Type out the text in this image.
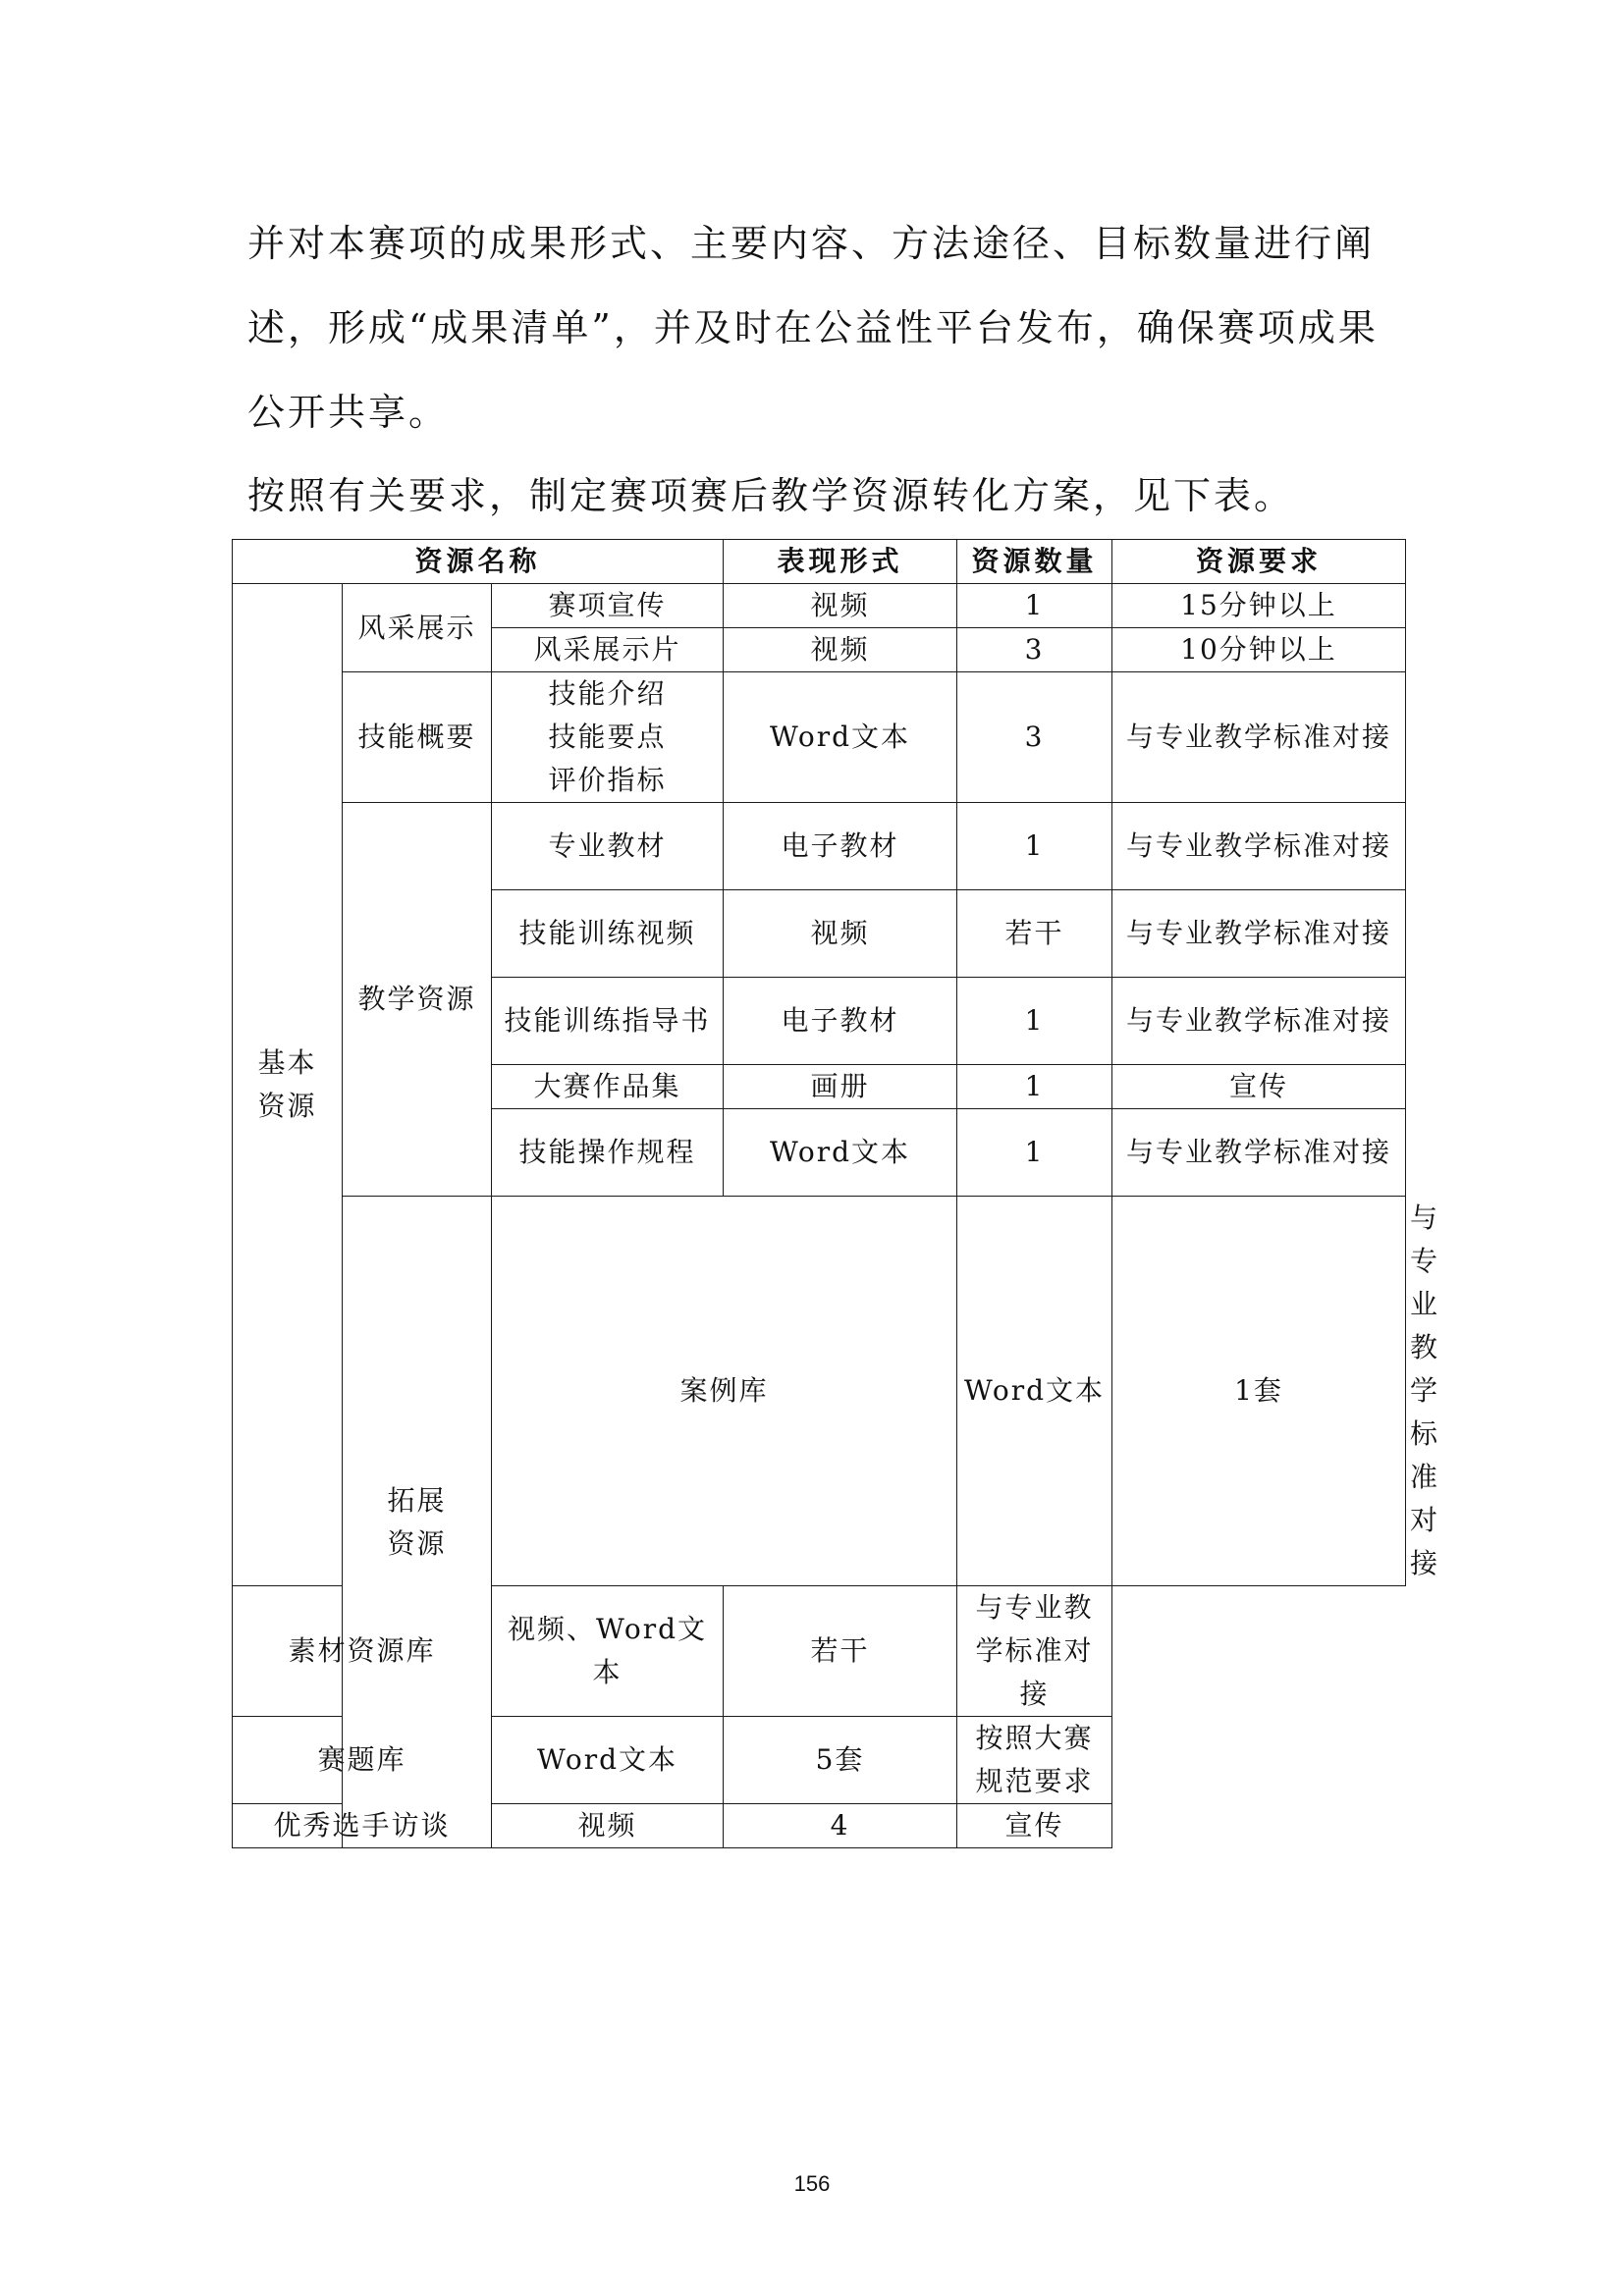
并对本赛项的成果形式、主要内容、方法途径、目标数量进行阐述，形成“成果清单”，并及时在公益性平台发布，确保赛项成果公开共享。

按照有关要求，制定赛项赛后教学资源转化方案，见下表。

资源名称			表现形式	资源数量	资源要求	
基本资源	风采展示	赛项宣传	视频	1	15分钟以上	
		风采展示片	视频	3	10分钟以上	
	技能概要	技能介绍
技能要点
评价指标	Word文本	3	与专业教学标准对接	
	教学资源	专业教材	电子教材	1	与专业教学标准对接	
		技能训练视频	视频	若干	与专业教学标准对接	
		技能训练指导书	电子教材	1	与专业教学标准对接	
		大赛作品集	画册	1	宣传	
		技能操作规程	Word文本	1	与专业教学标准对接	
	拓展资源	案例库		Word文本	1套	与专业教学标准对接
素材资源库		视频、Word文本	若干	与专业教学标准对接		
赛题库		Word文本	5套	按照大赛规范要求		
优秀选手访谈		视频	4	宣传		
156
